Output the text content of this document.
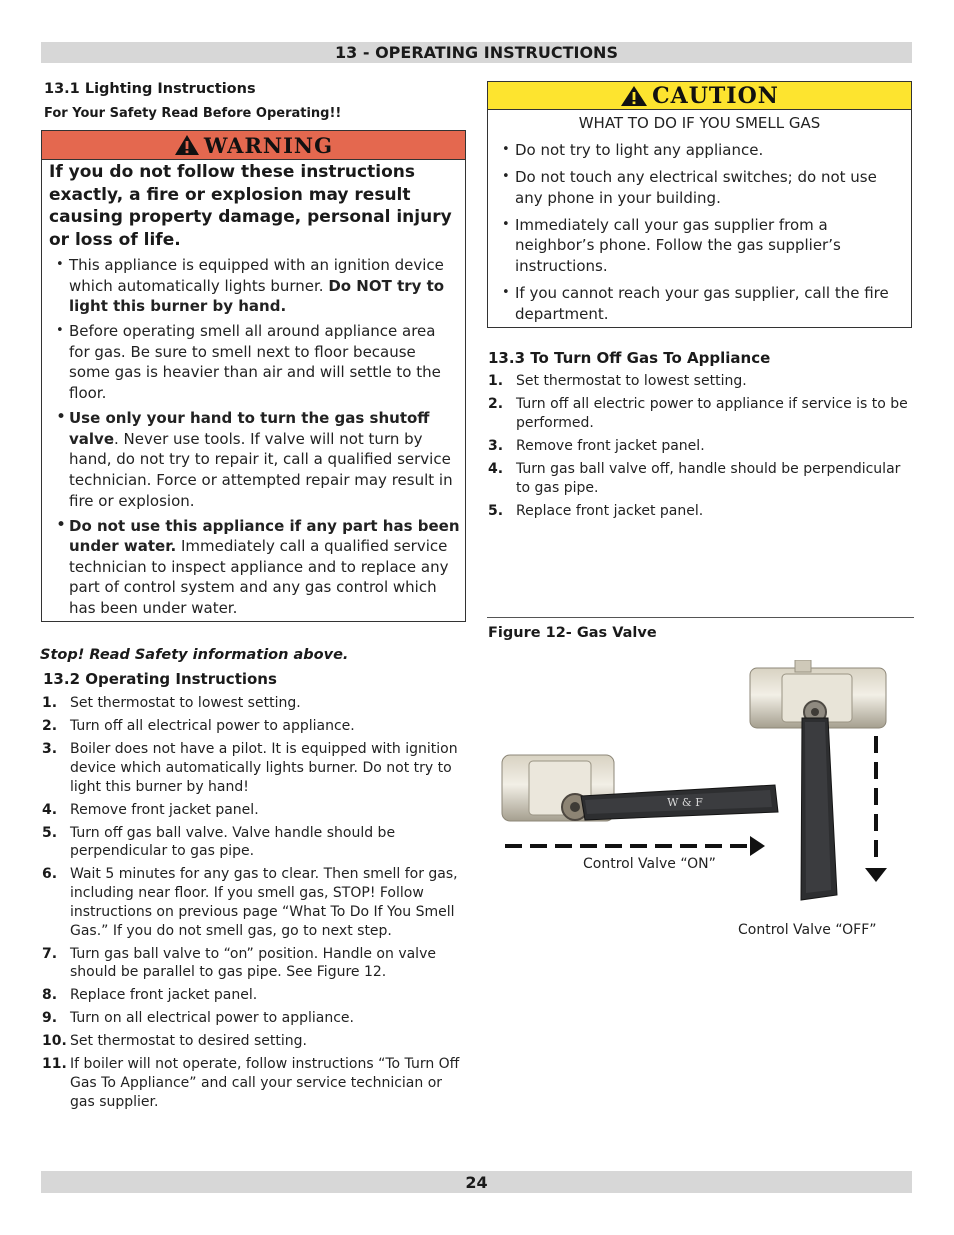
13 - OPERATING INSTRUCTIONS
13.1 Lighting Instructions
For Your Safety Read Before Operating!!
WARNING
If you do not follow these instructions exactly, a fire or explosion may result causing property damage, personal injury or loss of life.
• This appliance is equipped with an ignition device which automatically lights burner. Do NOT try to light this burner by hand.
• Before operating smell all around appliance area for gas. Be sure to smell next to floor because some gas is heavier than air and will settle to the floor.
• Use only your hand to turn the gas shutoff valve. Never use tools. If valve will not turn by hand, do not try to repair it, call a qualified service technician. Force or attempted repair may result in fire or explosion.
• Do not use this appliance if any part has been under water. Immediately call a qualified service technician to inspect appliance and to replace any part of control system and any gas control which has been under water.
CAUTION
WHAT TO DO IF YOU SMELL GAS
• Do not try to light any appliance.
• Do not touch any electrical switches; do not use any phone in your building.
• Immediately call your gas supplier from a neighbor’s phone. Follow the gas supplier’s instructions.
• If you cannot reach your gas supplier, call the fire department.
13.3 To Turn Off Gas To Appliance
1. Set thermostat to lowest setting.
2. Turn off all electric power to appliance if service is to be performed.
3. Remove front jacket panel.
4. Turn gas ball valve off, handle should be perpendicular to gas pipe.
5. Replace front jacket panel.
Stop! Read Safety information above.
13.2 Operating Instructions
1. Set thermostat to lowest setting.
2. Turn off all electrical power to appliance.
3. Boiler does not have a pilot. It is equipped with ignition device which automatically lights burner. Do not try to light this burner by hand!
4. Remove front jacket panel.
5. Turn off gas ball valve. Valve handle should be perpendicular to gas pipe.
6. Wait 5 minutes for any gas to clear. Then smell for gas, including near floor. If you smell gas, STOP! Follow instructions on previous page “What To Do If You Smell Gas.” If you do not smell gas, go to next step.
7. Turn gas ball valve to “on” position. Handle on valve should be parallel to gas pipe. See Figure 12.
8. Replace front jacket panel.
9. Turn on all electrical power to appliance.
10. Set thermostat to desired setting.
11. If boiler will not operate, follow instructions “To Turn Off Gas To Appliance” and call your service technician or gas supplier.
Figure 12- Gas Valve
W & F
Control Valve “ON”
Control Valve “OFF”
24
